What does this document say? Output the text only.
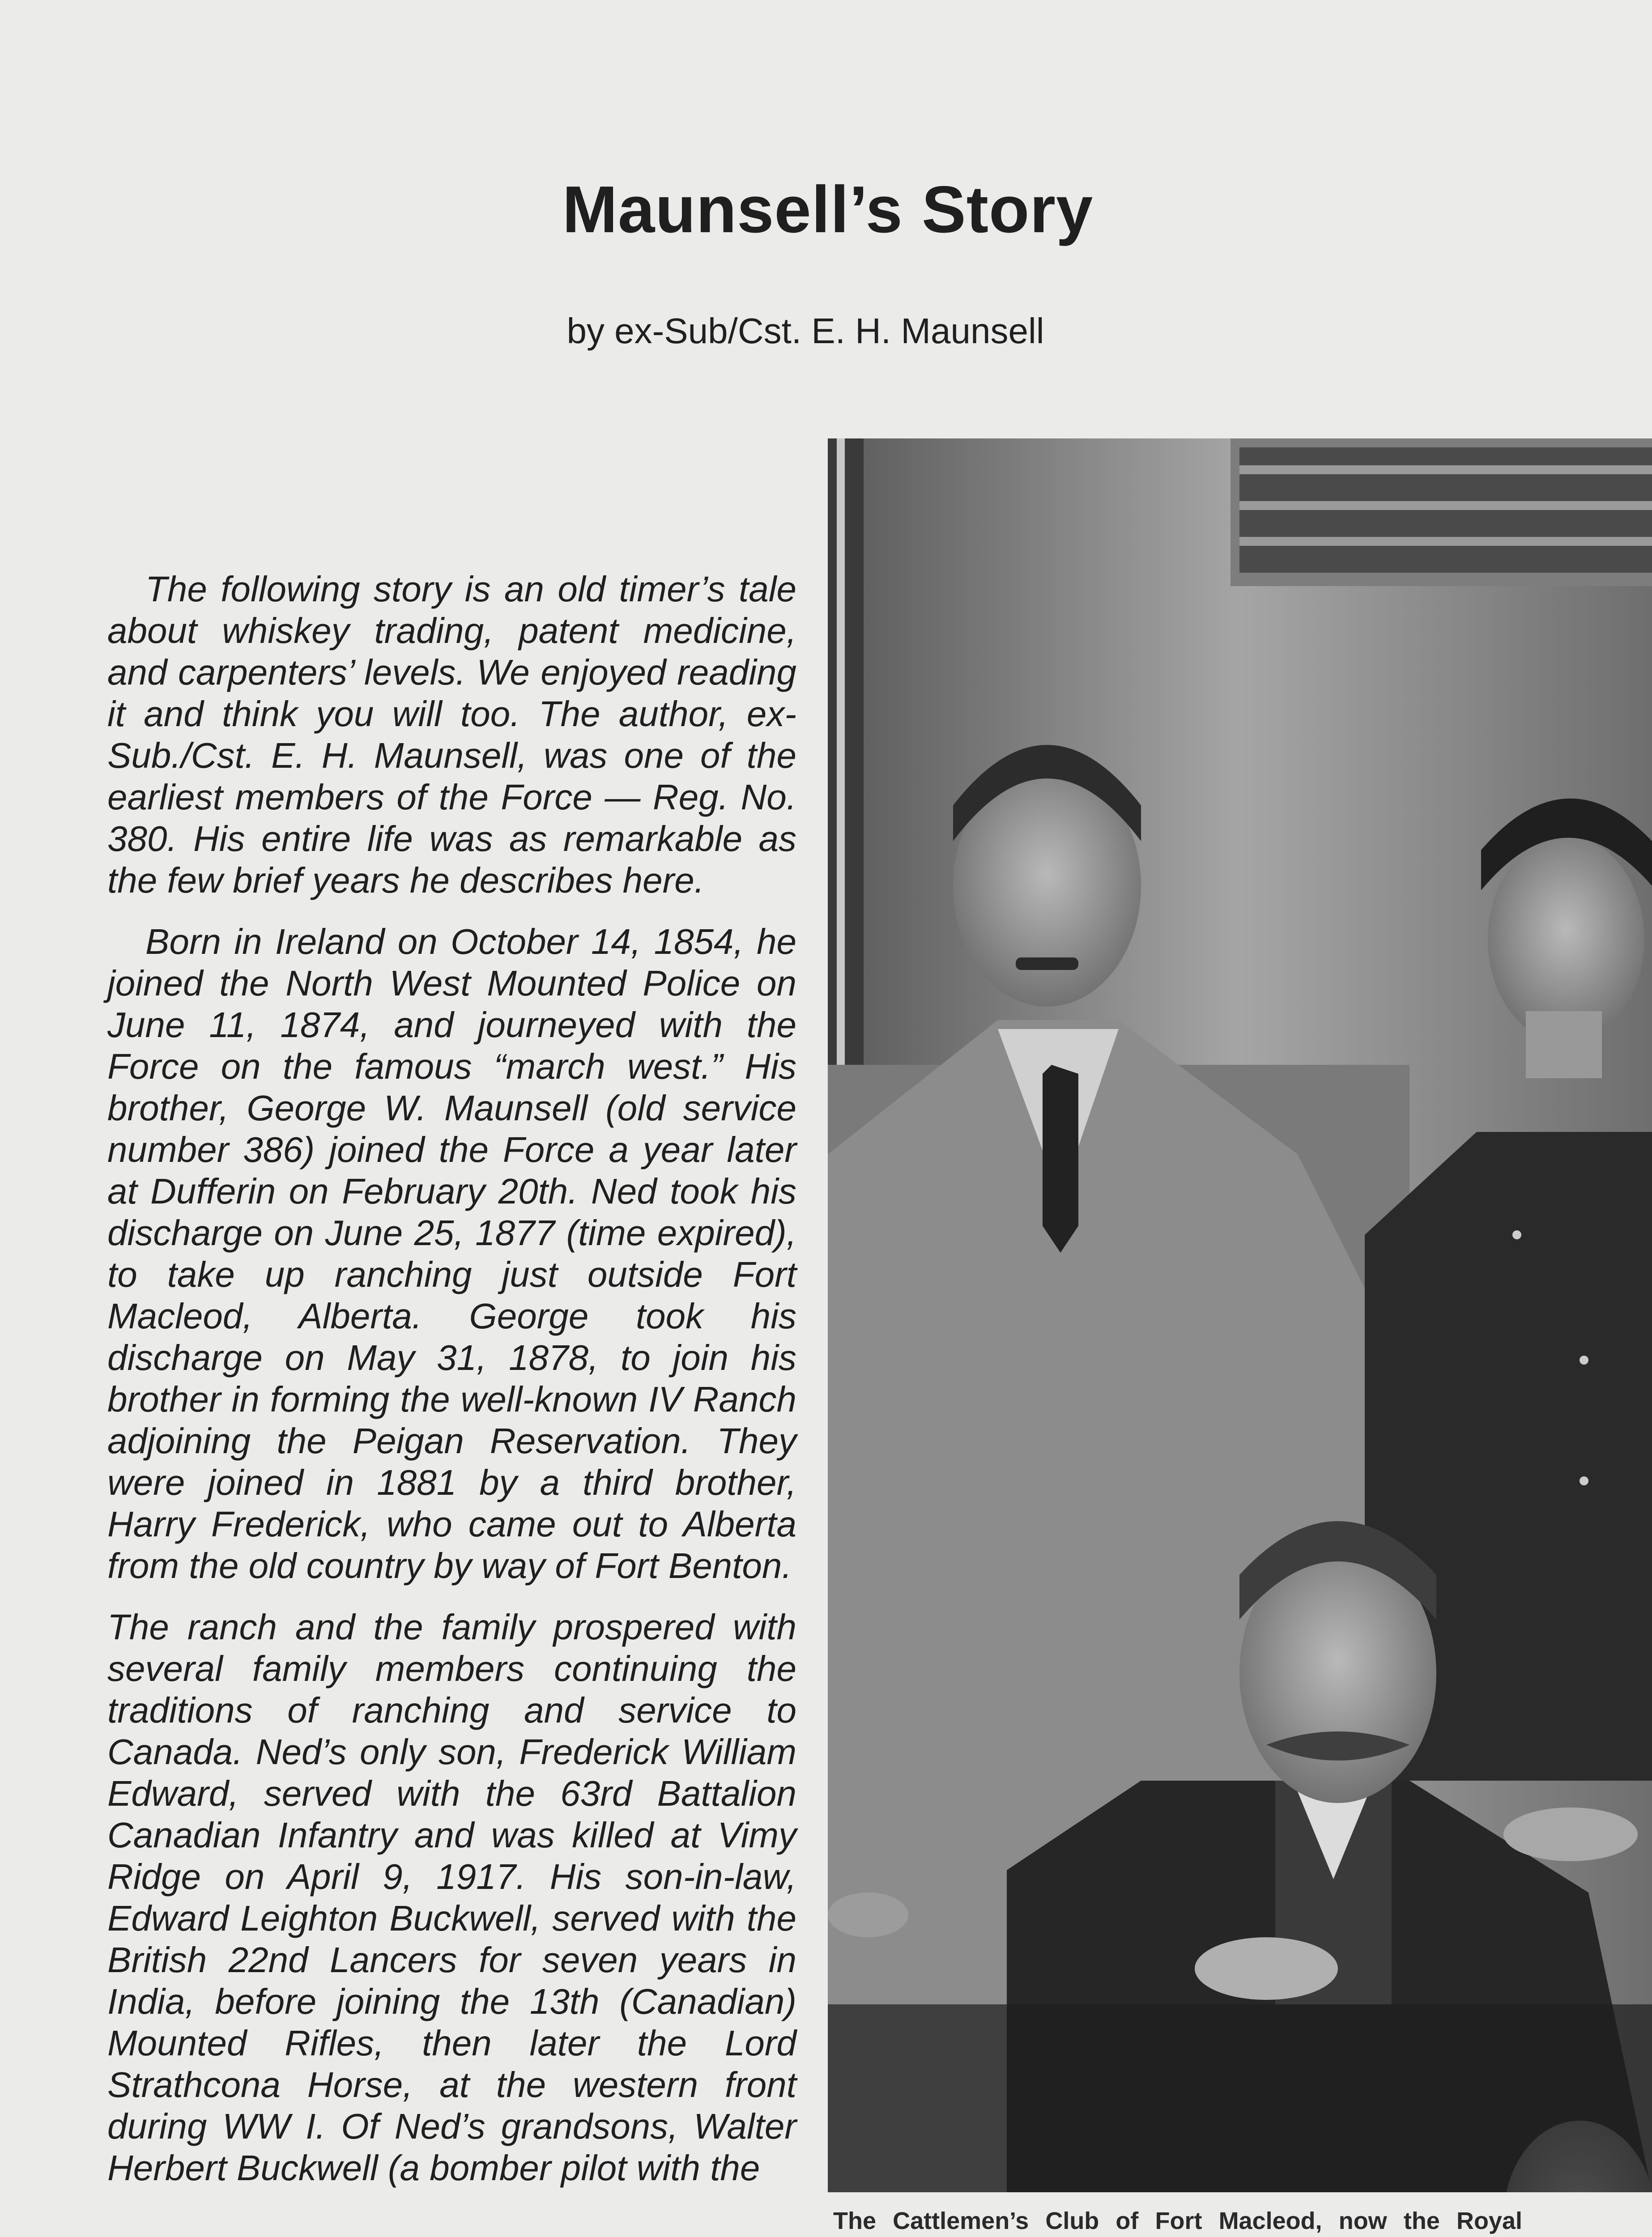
Maunsell’s Story
by ex-Sub/Cst. E. H. Maunsell

The following story is an old timer’s tale about whiskey trading, patent medicine, and carpenters’ levels. We enjoyed reading it and think you will too. The author, ex-Sub./Cst. E. H. Maunsell, was one of the earliest members of the Force — Reg. No. 380. His entire life was as remarkable as the few brief years he describes here.

Born in Ireland on October 14, 1854, he joined the North West Mounted Police on June 11, 1874, and journeyed with the Force on the famous “march west.” His brother, George W. Maunsell (old service number 386) joined the Force a year later at Dufferin on February 20th. Ned took his discharge on June 25, 1877 (time expired), to take up ranching just outside Fort Macleod, Alberta. George took his discharge on May 31, 1878, to join his brother in forming the well-known IV Ranch adjoining the Peigan Reservation. They were joined in 1881 by a third brother, Harry Frederick, who came out to Alberta from the old country by way of Fort Benton.

The ranch and the family prospered with several family members continuing the traditions of ranching and service to Canada. Ned’s only son, Frederick William Edward, served with the 63rd Battalion Canadian Infantry and was killed at Vimy Ridge on April 9, 1917. His son-in-law, Edward Leighton Buckwell, served with the British 22nd Lancers for seven years in India, before joining the 13th (Canadian) Mounted Rifles, then later the Lord Strathcona Horse, at the western front during WW I. Of Ned’s grandsons, Walter Herbert Buckwell (a bomber pilot with the

The Cattlemen’s Club of Fort Macleod, now the Royal
